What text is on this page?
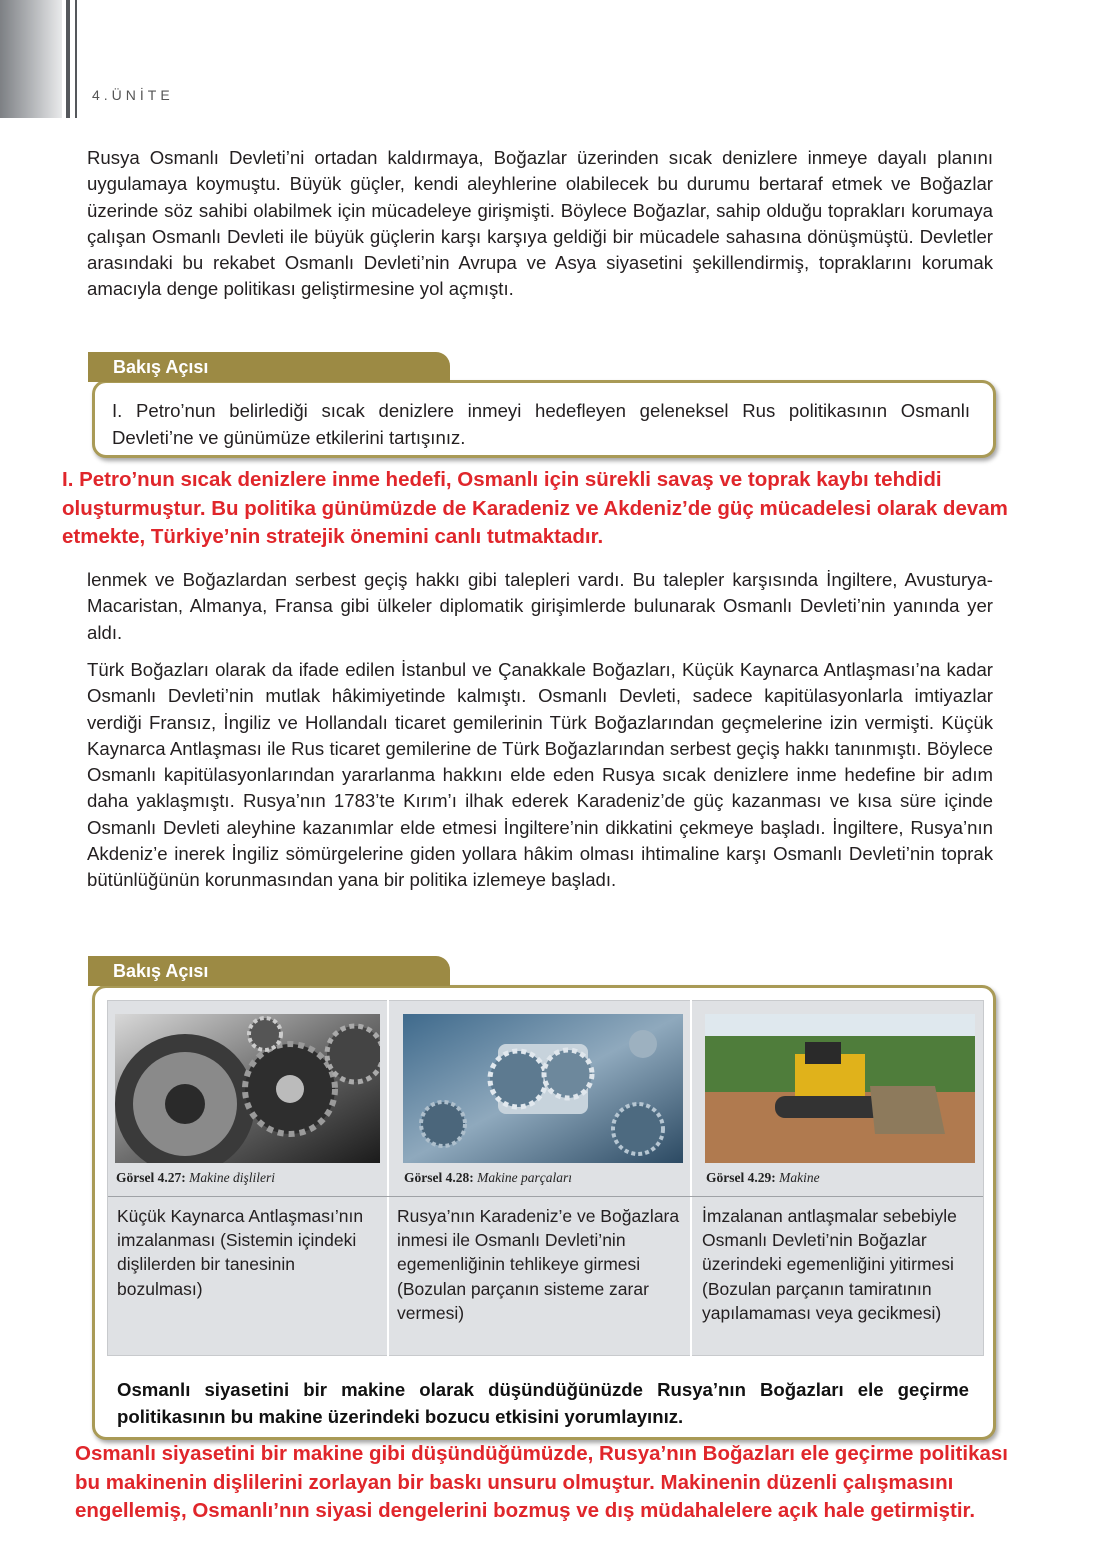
4.ÜNİTE

Rusya Osmanlı Devleti’ni ortadan kaldırmaya, Boğazlar üzerinden sıcak denizlere inmeye dayalı planını uygulamaya koymuştu. Büyük güçler, kendi aleyhlerine olabilecek bu durumu bertaraf etmek ve Boğazlar üzerinde söz sahibi olabilmek için mücadeleye girişmişti. Böylece Boğazlar, sahip olduğu toprakları korumaya çalışan Osmanlı Devleti ile büyük güçlerin karşı karşıya geldiği bir mücadele sahasına dönüşmüştü. Devletler arasındaki bu rekabet Osmanlı Devleti’nin Avrupa ve Asya siyasetini şekillendirmiş, topraklarını korumak amacıyla denge politikası geliştirmesine yol açmıştı.

Bakış Açısı

I. Petro’nun belirlediği sıcak denizlere inmeyi hedefleyen geleneksel Rus politikasının Osmanlı Devleti’ne ve günümüze etkilerini tartışınız.

I. Petro’nun sıcak denizlere inme hedefi, Osmanlı için sürekli savaş ve toprak kaybı tehdidi oluşturmuştur. Bu politika günümüzde de Karadeniz ve Akdeniz’de güç mücadelesi olarak devam etmekte, Türkiye’nin stratejik önemini canlı tutmaktadır.

lenmek ve Boğazlardan serbest geçiş hakkı gibi talepleri vardı. Bu talepler karşısında İngiltere, Avusturya-Macaristan, Almanya, Fransa gibi ülkeler diplomatik girişimlerde bulunarak Osmanlı Devleti’nin yanında yer aldı.

Türk Boğazları olarak da ifade edilen İstanbul ve Çanakkale Boğazları, Küçük Kaynarca Antlaşması’na kadar Osmanlı Devleti’nin mutlak hâkimiyetinde kalmıştı. Osmanlı Devleti, sadece kapitülasyonlarla imtiyazlar verdiği Fransız, İngiliz ve Hollandalı ticaret gemilerinin Türk Boğazlarından geçmelerine izin vermişti. Küçük Kaynarca Antlaşması ile Rus ticaret gemilerine de Türk Boğazlarından serbest geçiş hakkı tanınmıştı. Böylece Osmanlı kapitülasyonlarından yararlanma hakkını elde eden Rusya sıcak denizlere inme hedefine bir adım daha yaklaşmıştı. Rusya’nın 1783’te Kırım’ı ilhak ederek Karadeniz’de güç kazanması ve kısa süre içinde Osmanlı Devleti aleyhine kazanımlar elde etmesi İngiltere’nin dikkatini çekmeye başladı. İngiltere, Rusya’nın Akdeniz’e inerek İngiliz sömürgelerine giden yollara hâkim olması ihtimaline karşı Osmanlı Devleti’nin toprak bütünlüğünün korunmasından yana bir politika izlemeye başladı.

Bakış Açısı
Görsel 4.27: Makine dişlileri	Görsel 4.28: Makine parçaları	Görsel 4.29: Makine

Küçük Kaynarca Antlaşması’nın imzalanması (Sistemin içindeki dişlilerden bir tanesinin bozulması)

Rusya’nın Karadeniz’e ve Boğazlara inmesi ile Osmanlı Devleti’nin egemenliğinin tehlikeye girmesi (Bozulan parçanın sisteme zarar vermesi)

İmzalanan antlaşmalar sebebiyle Osmanlı Devleti’nin Boğazlar üzerindeki egemenliğini yitirmesi (Bozulan parçanın tamiratının yapılamaması veya gecikmesi)

Osmanlı siyasetini bir makine olarak düşündüğünüzde Rusya’nın Boğazları ele geçirme politikasının bu makine üzerindeki bozucu etkisini yorumlayınız.

Osmanlı siyasetini bir makine gibi düşündüğümüzde, Rusya’nın Boğazları ele geçirme politikası bu makinenin dişlilerini zorlayan bir baskı unsuru olmuştur. Makinenin düzenli çalışmasını engellemiş, Osmanlı’nın siyasi dengelerini bozmuş ve dış müdahalelere açık hale getirmiştir.
